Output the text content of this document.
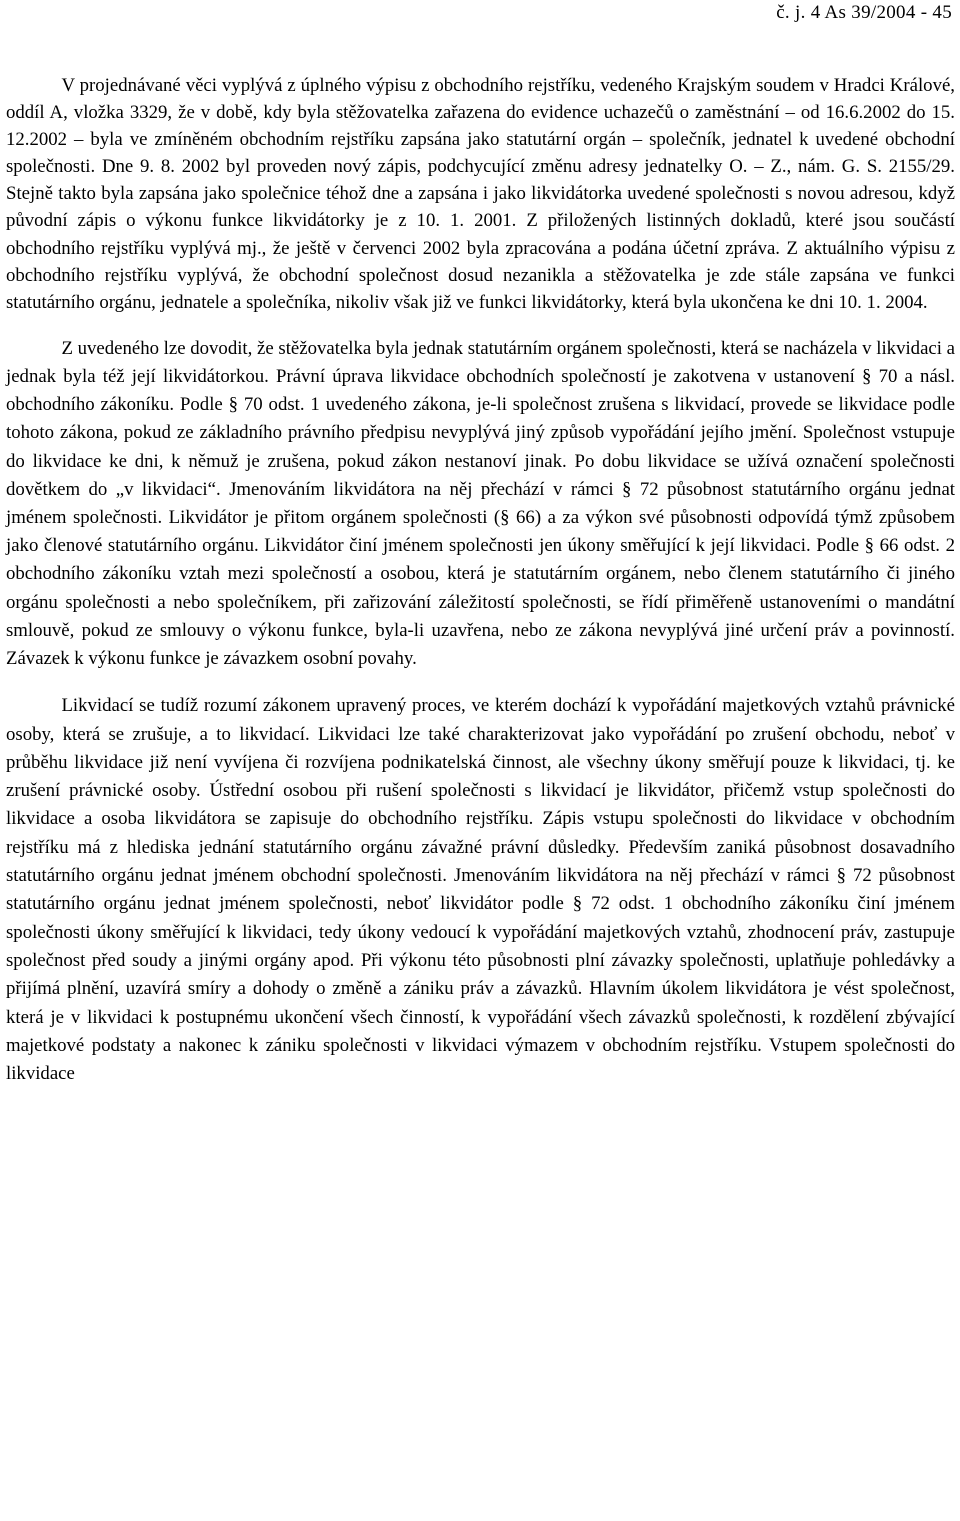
č. j. 4 As 39/2004 - 45

V projednávané věci vyplývá z úplného výpisu z obchodního rejstříku, vedeného Krajským soudem v Hradci Králové, oddíl A, vložka 3329, že v době, kdy byla stěžovatelka zařazena do evidence uchazečů o zaměstnání – od 16.6.2002 do 15. 12.2002 – byla ve zmíněném obchodním rejstříku zapsána jako statutární orgán – společník, jednatel k uvedené obchodní společnosti. Dne 9. 8. 2002 byl proveden nový zápis, podchycující změnu adresy jednatelky O. – Z., nám. G. S. 2155/29. Stejně takto byla zapsána jako společnice téhož dne a zapsána i jako likvidátorka uvedené společnosti s novou adresou, když původní zápis o výkonu funkce likvidátorky je z 10. 1. 2001. Z přiložených listinných dokladů, které jsou součástí obchodního rejstříku vyplývá mj., že ještě v červenci 2002 byla zpracována a podána účetní zpráva. Z aktuálního výpisu z obchodního rejstříku vyplývá, že obchodní společnost dosud nezanikla a stěžovatelka je zde stále zapsána ve funkci statutárního orgánu, jednatele a společníka, nikoliv však již ve funkci likvidátorky, která byla ukončena ke dni 10. 1. 2004.

Z uvedeného lze dovodit, že stěžovatelka byla jednak statutárním orgánem společnosti, která se nacházela v likvidaci a jednak byla též její likvidátorkou. Právní úprava likvidace obchodních společností je zakotvena v ustanovení § 70 a násl. obchodního zákoníku. Podle § 70 odst. 1 uvedeného zákona, je-li společnost zrušena s likvidací, provede se likvidace podle tohoto zákona, pokud ze základního právního předpisu nevyplývá jiný způsob vypořádání jejího jmění. Společnost vstupuje do likvidace ke dni, k němuž je zrušena, pokud zákon nestanoví jinak. Po dobu likvidace se užívá označení společnosti dovětkem do „v likvidaci“. Jmenováním likvidátora na něj přechází v rámci § 72 působnost statutárního orgánu jednat jménem společnosti. Likvidátor je přitom orgánem společnosti (§ 66) a za výkon své působnosti odpovídá týmž způsobem jako členové statutárního orgánu. Likvidátor činí jménem společnosti jen úkony směřující k její likvidaci. Podle § 66 odst. 2 obchodního zákoníku vztah mezi společností a osobou, která je statutárním orgánem, nebo členem statutárního či jiného orgánu společnosti a nebo společníkem, při zařizování záležitostí společnosti, se řídí přiměřeně ustanoveními o mandátní smlouvě, pokud ze smlouvy o výkonu funkce, byla-li uzavřena, nebo ze zákona nevyplývá jiné určení práv a povinností. Závazek k výkonu funkce je závazkem osobní povahy.

Likvidací se tudíž rozumí zákonem upravený proces, ve kterém dochází k vypořádání majetkových vztahů právnické osoby, která se zrušuje, a to likvidací. Likvidaci lze také charakterizovat jako vypořádání po zrušení obchodu, neboť v průběhu likvidace již není vyvíjena či rozvíjena podnikatelská činnost, ale všechny úkony směřují pouze k likvidaci, tj. ke zrušení právnické osoby. Ústřední osobou při rušení společnosti s likvidací je likvidátor, přičemž vstup společnosti do likvidace a osoba likvidátora se zapisuje do obchodního rejstříku. Zápis vstupu společnosti do likvidace v obchodním rejstříku má z hlediska jednání statutárního orgánu závažné právní důsledky. Především zaniká působnost dosavadního statutárního orgánu jednat jménem obchodní společnosti. Jmenováním likvidátora na něj přechází v rámci § 72 působnost statutárního orgánu jednat jménem společnosti, neboť likvidátor podle § 72 odst. 1 obchodního zákoníku činí jménem společnosti úkony směřující k likvidaci, tedy úkony vedoucí k vypořádání majetkových vztahů, zhodnocení práv, zastupuje společnost před soudy a jinými orgány apod. Při výkonu této působnosti plní závazky společnosti, uplatňuje pohledávky a přijímá plnění, uzavírá smíry a dohody o změně a zániku práv a závazků. Hlavním úkolem likvidátora je vést společnost, která je v likvidaci k postupnému ukončení všech činností, k vypořádání všech závazků společnosti, k rozdělení zbývající majetkové podstaty a nakonec k zániku společnosti v likvidaci výmazem v obchodním rejstříku. Vstupem společnosti do likvidace
